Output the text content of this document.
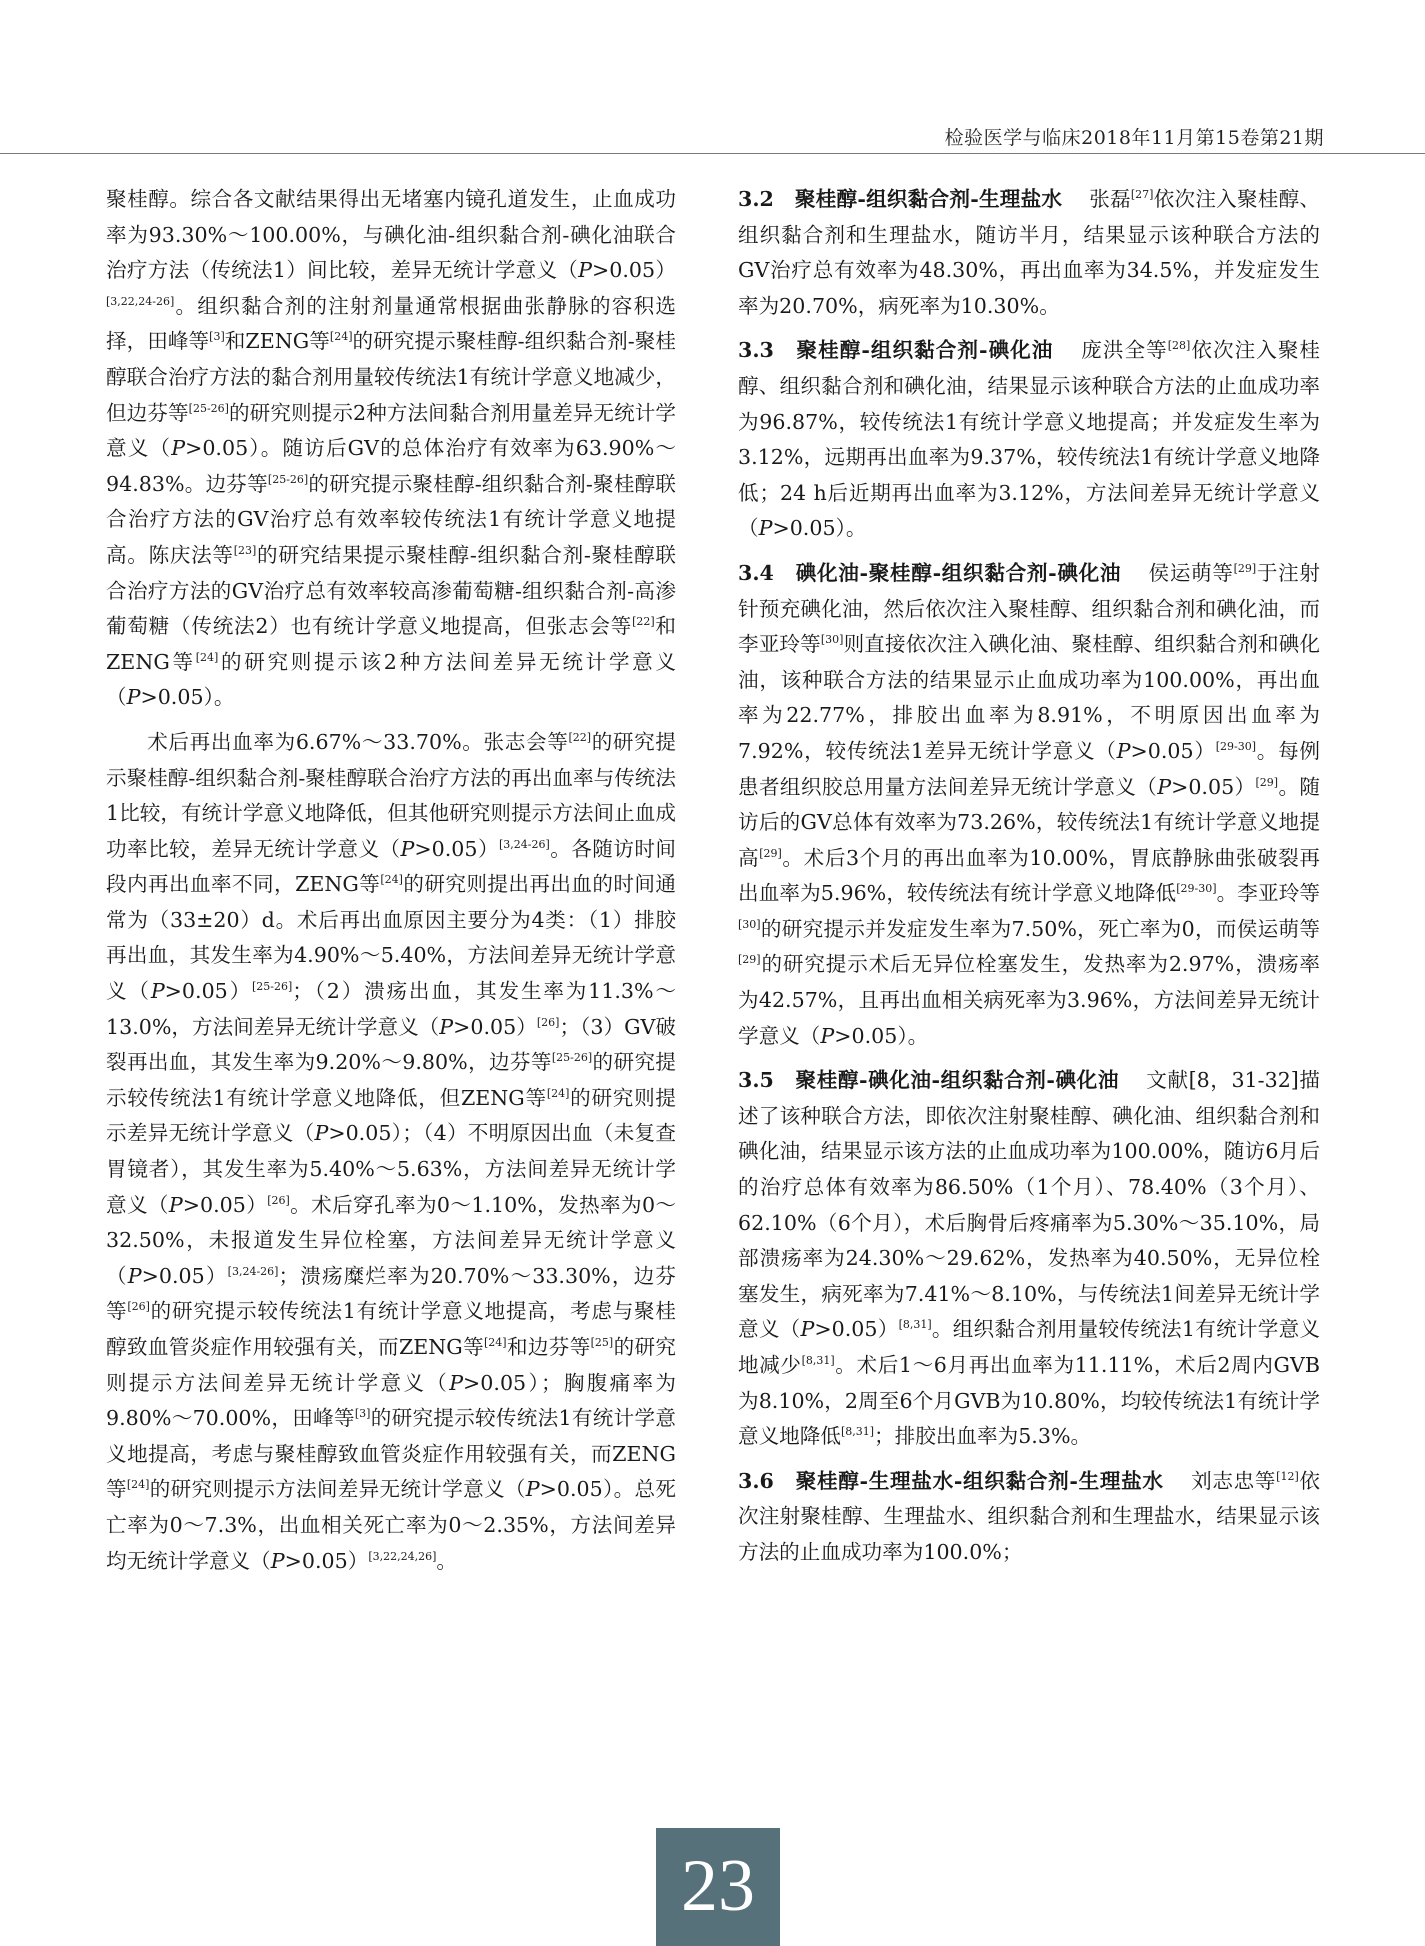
检验医学与临床2018年11月第15卷第21期

聚桂醇。综合各文献结果得出无堵塞内镜孔道发生，止血成功率为93.30%～100.00%，与碘化油-组织黏合剂-碘化油联合治疗方法（传统法1）间比较，差异无统计学意义（P>0.05）[3,22,24-26]。组织黏合剂的注射剂量通常根据曲张静脉的容积选择，田峰等[3]和ZENG等[24]的研究提示聚桂醇-组织黏合剂-聚桂醇联合治疗方法的黏合剂用量较传统法1有统计学意义地减少，但边芬等[25-26]的研究则提示2种方法间黏合剂用量差异无统计学意义（P>0.05）。随访后GV的总体治疗有效率为63.90%～94.83%。边芬等[25-26]的研究提示聚桂醇-组织黏合剂-聚桂醇联合治疗方法的GV治疗总有效率较传统法1有统计学意义地提高。陈庆法等[23]的研究结果提示聚桂醇-组织黏合剂-聚桂醇联合治疗方法的GV治疗总有效率较高渗葡萄糖-组织黏合剂-高渗葡萄糖（传统法2）也有统计学意义地提高，但张志会等[22]和ZENG等[24]的研究则提示该2种方法间差异无统计学意义（P>0.05）。

术后再出血率为6.67%～33.70%。张志会等[22]的研究提示聚桂醇-组织黏合剂-聚桂醇联合治疗方法的再出血率与传统法1比较，有统计学意义地降低，但其他研究则提示方法间止血成功率比较，差异无统计学意义（P>0.05）[3,24-26]。各随访时间段内再出血率不同，ZENG等[24]的研究则提出再出血的时间通常为（33±20）d。术后再出血原因主要分为4类：（1）排胶再出血，其发生率为4.90%～5.40%，方法间差异无统计学意义（P>0.05）[25-26]；（2）溃疡出血，其发生率为11.3%～13.0%，方法间差异无统计学意义（P>0.05）[26]；（3）GV破裂再出血，其发生率为9.20%～9.80%，边芬等[25-26]的研究提示较传统法1有统计学意义地降低，但ZENG等[24]的研究则提示差异无统计学意义（P>0.05）；（4）不明原因出血（未复查胃镜者），其发生率为5.40%～5.63%，方法间差异无统计学意义（P>0.05）[26]。术后穿孔率为0～1.10%，发热率为0～32.50%，未报道发生异位栓塞，方法间差异无统计学意义（P>0.05）[3,24-26]；溃疡糜烂率为20.70%～33.30%，边芬等[26]的研究提示较传统法1有统计学意义地提高，考虑与聚桂醇致血管炎症作用较强有关，而ZENG等[24]和边芬等[25]的研究则提示方法间差异无统计学意义（P>0.05）；胸腹痛率为9.80%～70.00%，田峰等[3]的研究提示较传统法1有统计学意义地提高，考虑与聚桂醇致血管炎症作用较强有关，而ZENG等[24]的研究则提示方法间差异无统计学意义（P>0.05）。总死亡率为0～7.3%，出血相关死亡率为0～2.35%，方法间差异均无统计学意义（P>0.05）[3,22,24,26]。

3.2　聚桂醇-组织黏合剂-生理盐水　张磊[27]依次注入聚桂醇、组织黏合剂和生理盐水，随访半月，结果显示该种联合方法的GV治疗总有效率为48.30%，再出血率为34.5%，并发症发生率为20.70%，病死率为10.30%。

3.3　聚桂醇-组织黏合剂-碘化油　庞洪全等[28]依次注入聚桂醇、组织黏合剂和碘化油，结果显示该种联合方法的止血成功率为96.87%，较传统法1有统计学意义地提高；并发症发生率为3.12%，远期再出血率为9.37%，较传统法1有统计学意义地降低；24 h后近期再出血率为3.12%，方法间差异无统计学意义（P>0.05）。

3.4　碘化油-聚桂醇-组织黏合剂-碘化油　侯运萌等[29]于注射针预充碘化油，然后依次注入聚桂醇、组织黏合剂和碘化油，而李亚玲等[30]则直接依次注入碘化油、聚桂醇、组织黏合剂和碘化油，该种联合方法的结果显示止血成功率为100.00%，再出血率为22.77%，排胶出血率为8.91%，不明原因出血率为7.92%，较传统法1差异无统计学意义（P>0.05）[29-30]。每例患者组织胶总用量方法间差异无统计学意义（P>0.05）[29]。随访后的GV总体有效率为73.26%，较传统法1有统计学意义地提高[29]。术后3个月的再出血率为10.00%，胃底静脉曲张破裂再出血率为5.96%，较传统法有统计学意义地降低[29-30]。李亚玲等[30]的研究提示并发症发生率为7.50%，死亡率为0，而侯运萌等[29]的研究提示术后无异位栓塞发生，发热率为2.97%，溃疡率为42.57%，且再出血相关病死率为3.96%，方法间差异无统计学意义（P>0.05）。

3.5　聚桂醇-碘化油-组织黏合剂-碘化油　文献[8，31-32]描述了该种联合方法，即依次注射聚桂醇、碘化油、组织黏合剂和碘化油，结果显示该方法的止血成功率为100.00%，随访6月后的治疗总体有效率为86.50%（1个月）、78.40%（3个月）、62.10%（6个月），术后胸骨后疼痛率为5.30%～35.10%，局部溃疡率为24.30%～29.62%，发热率为40.50%，无异位栓塞发生，病死率为7.41%～8.10%，与传统法1间差异无统计学意义（P>0.05）[8,31]。组织黏合剂用量较传统法1有统计学意义地减少[8,31]。术后1～6月再出血率为11.11%，术后2周内GVB为8.10%，2周至6个月GVB为10.80%，均较传统法1有统计学意义地降低[8,31]；排胶出血率为5.3%。

3.6　聚桂醇-生理盐水-组织黏合剂-生理盐水　刘志忠等[12]依次注射聚桂醇、生理盐水、组织黏合剂和生理盐水，结果显示该方法的止血成功率为100.0%；

23
